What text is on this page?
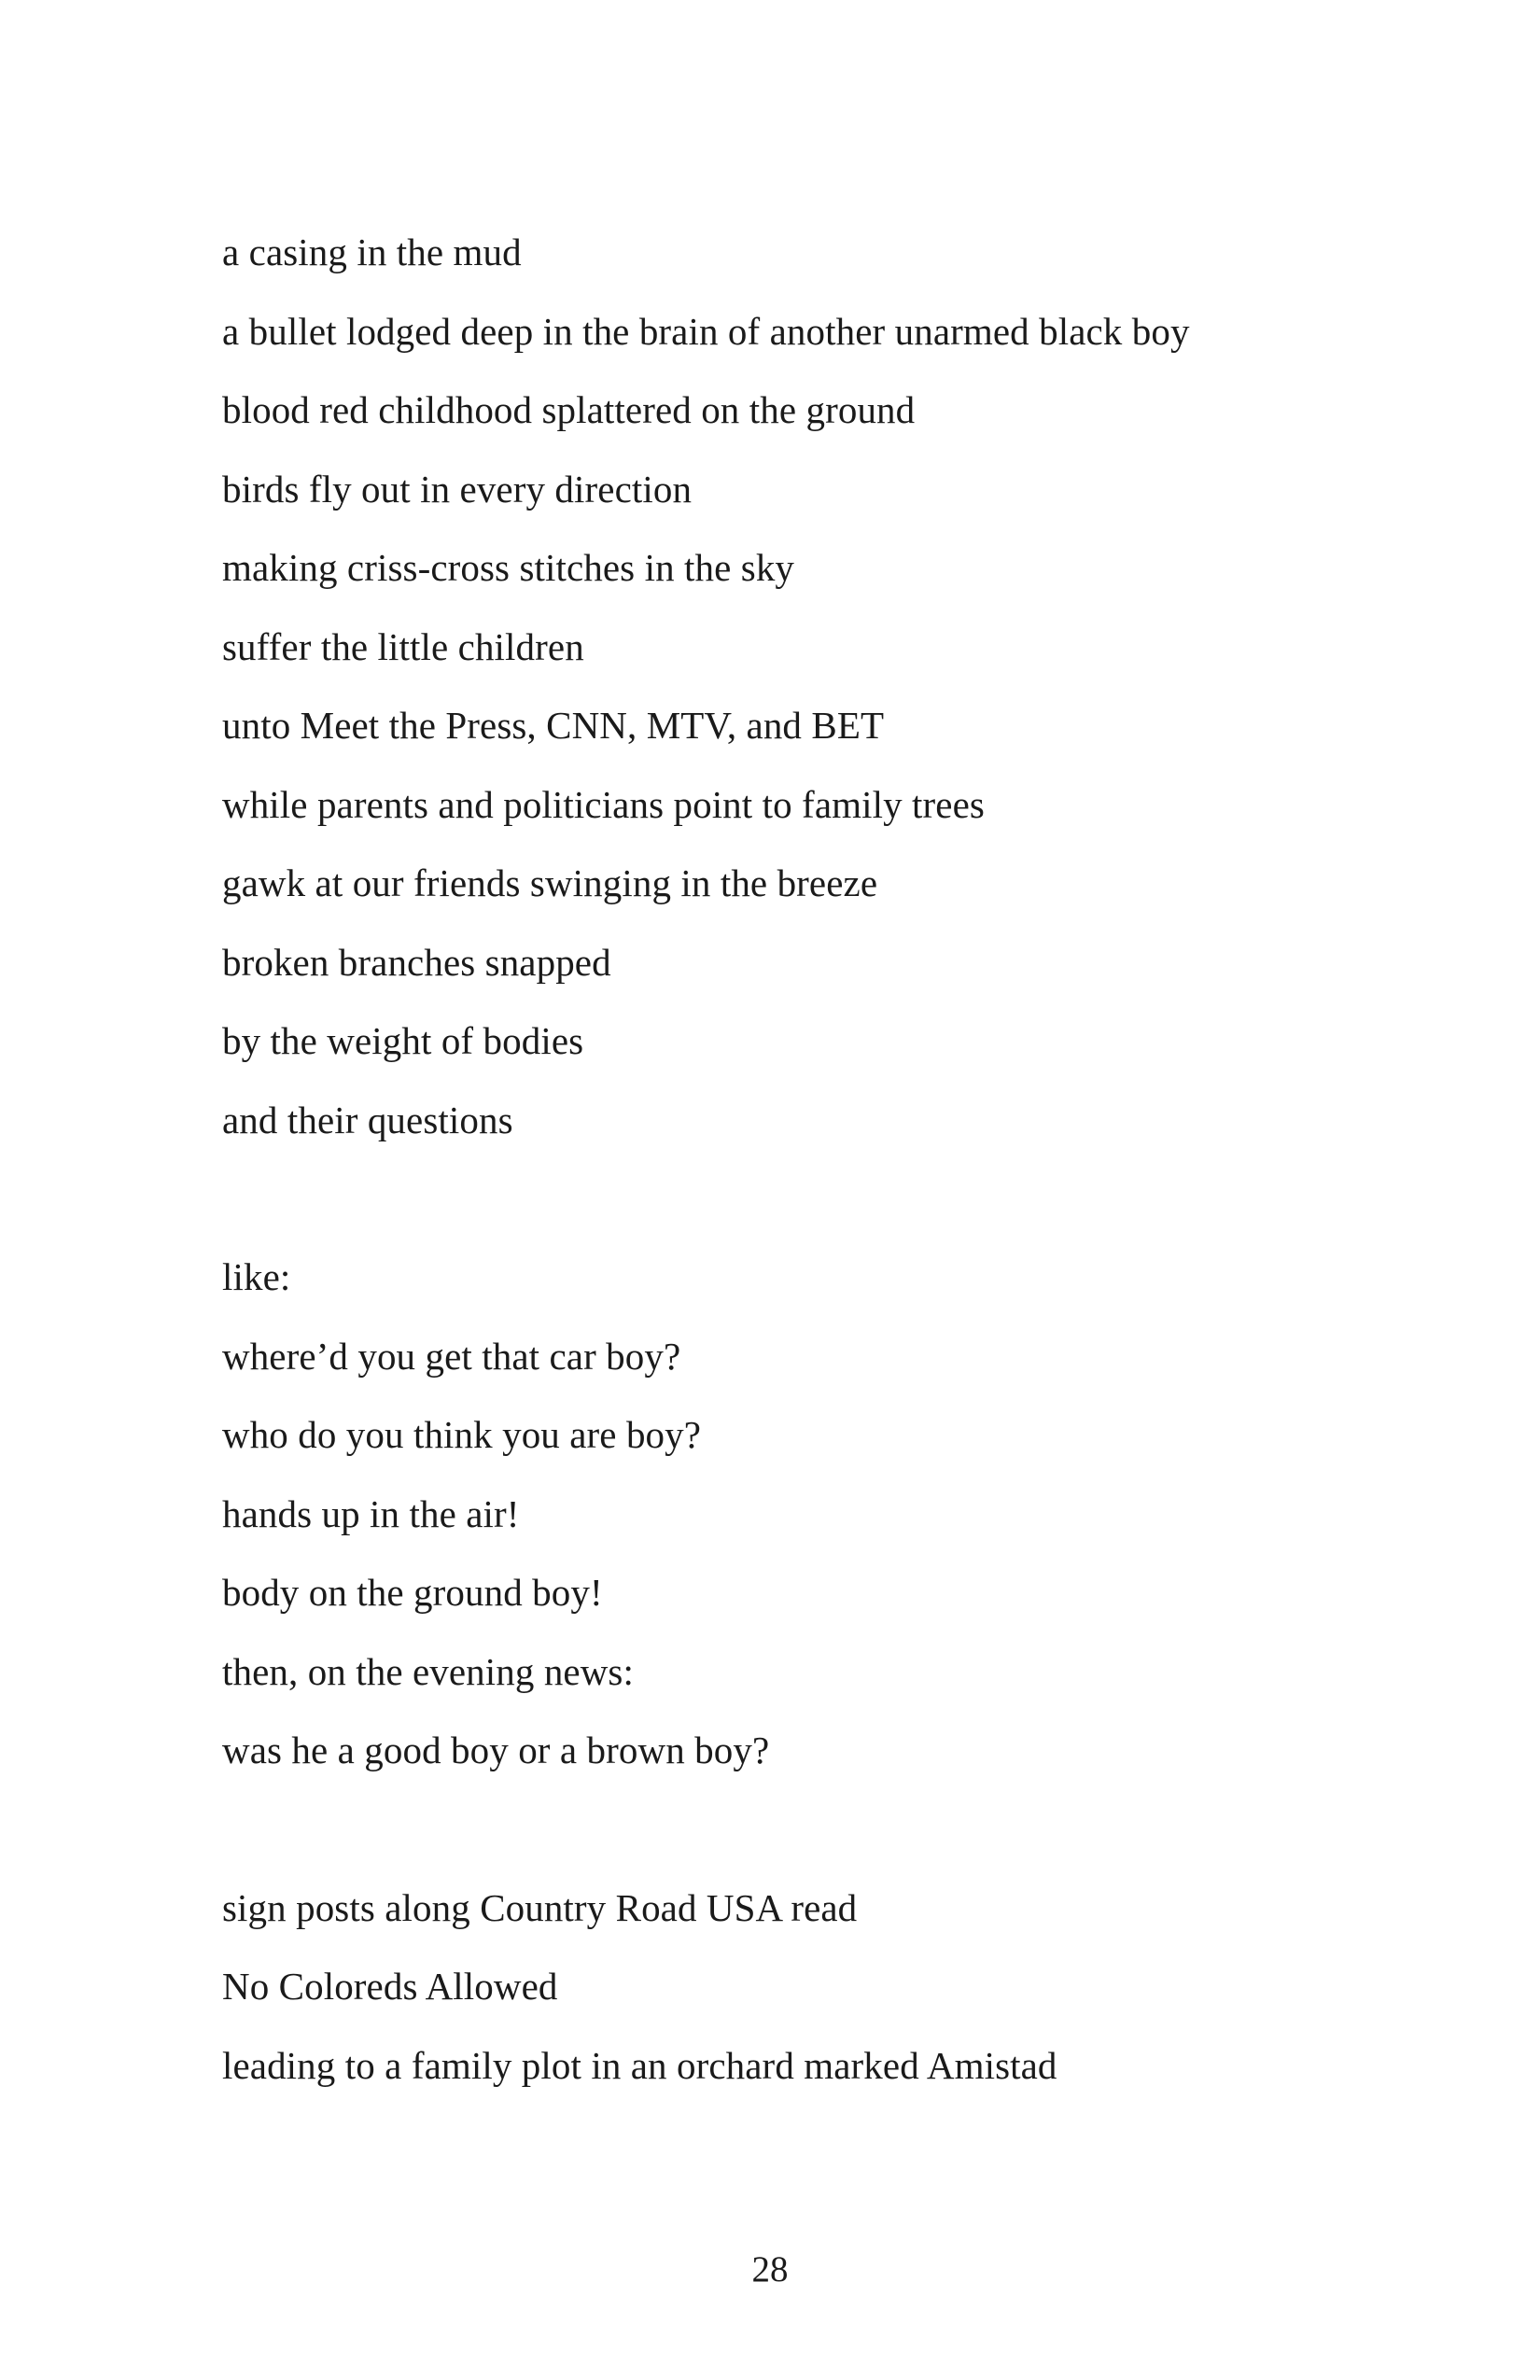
a casing in the mud
a bullet lodged deep in the brain of another unarmed black boy
blood red childhood splattered on the ground
birds fly out in every direction
making criss-cross stitches in the sky
suffer the little children
unto Meet the Press, CNN, MTV, and BET
while parents and politicians point to family trees
gawk at our friends swinging in the breeze
broken branches snapped
by the weight of bodies
and their questions
like:
where’d you get that car boy?
who do you think you are boy?
hands up in the air!
body on the ground boy!
then, on the evening news:
was he a good boy or a brown boy?
sign posts along Country Road USA read
No Coloreds Allowed
leading to a family plot in an orchard marked Amistad
28
